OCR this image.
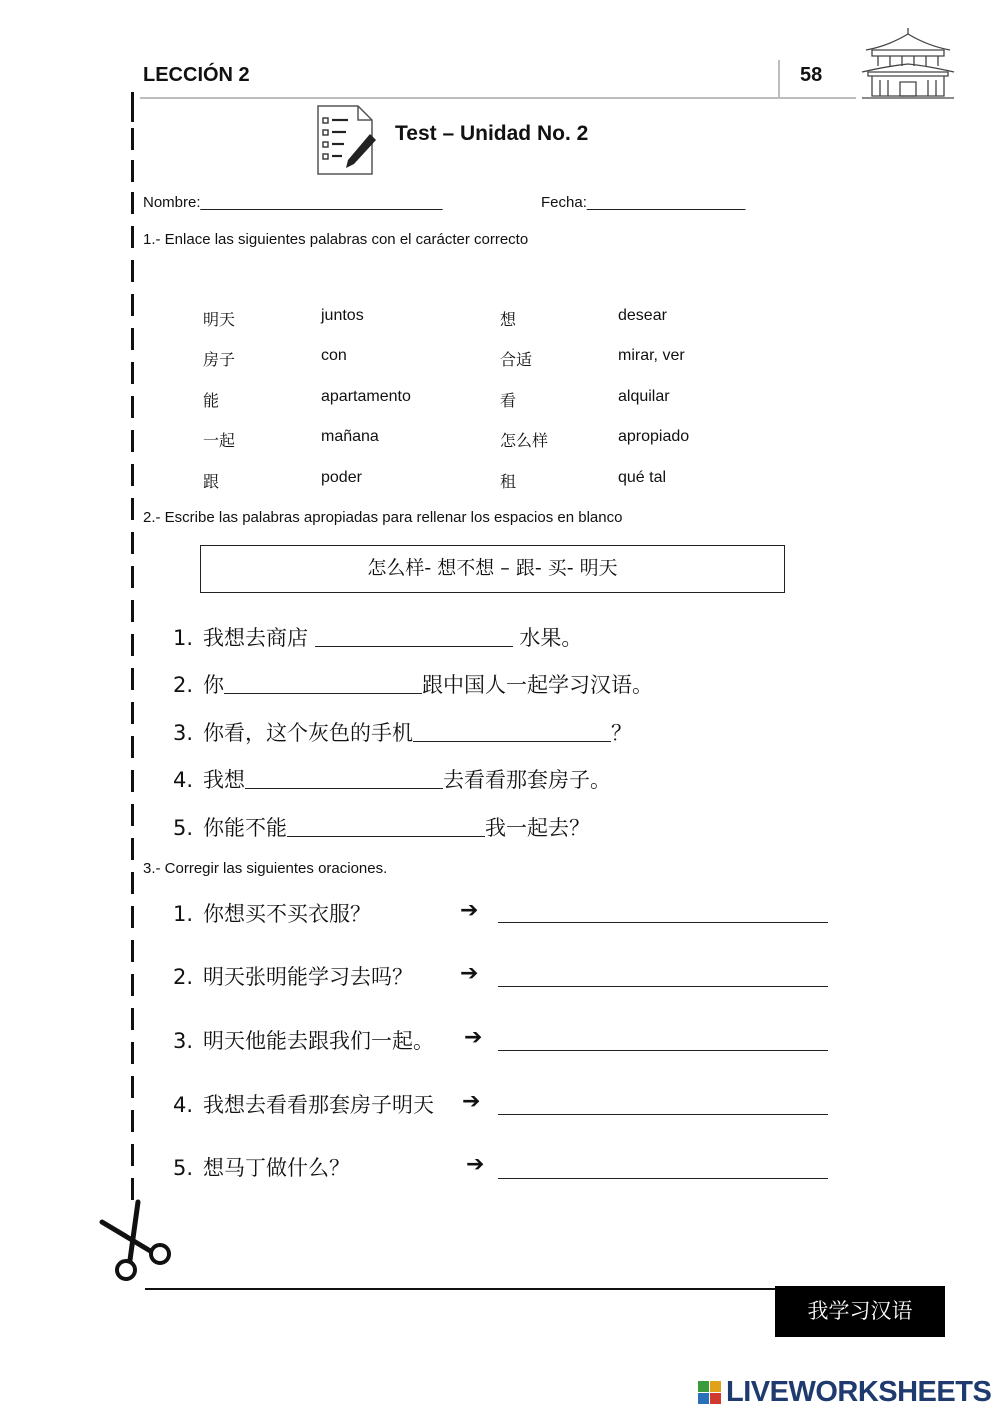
LECCIÓN 2	58
Test – Unidad No. 2
Nombre:_____________________________	Fecha:___________________
1.- Enlace las siguientes palabras con el carácter correcto
明天	juntos	想	desear
房子	con	合适	mirar, ver
能	apartamento	看	alquilar
一起	mañana	怎么样	apropiado
跟	poder	租	qué tal
2.- Escribe las palabras apropiadas para rellenar los espacios en blanco
怎么样- 想不想 – 跟- 买- 明天
1. 我想去商店	水果。
2. 你	跟中国人一起学习汉语。
3. 你看，这个灰色的手机	？
4. 我想	去看看那套房子。
5. 你能不能	我一起去？
3.- Corregir las siguientes oraciones.
1. 你想买不买衣服？	➔
2. 明天张明能学习去吗？ ➔
3. 明天他能去跟我们一起。 ➔
4. 我想去看看那套房子明天 ➔
5. 想马丁做什么？	➔
我学习汉语
LIVEWORKSHEETS
